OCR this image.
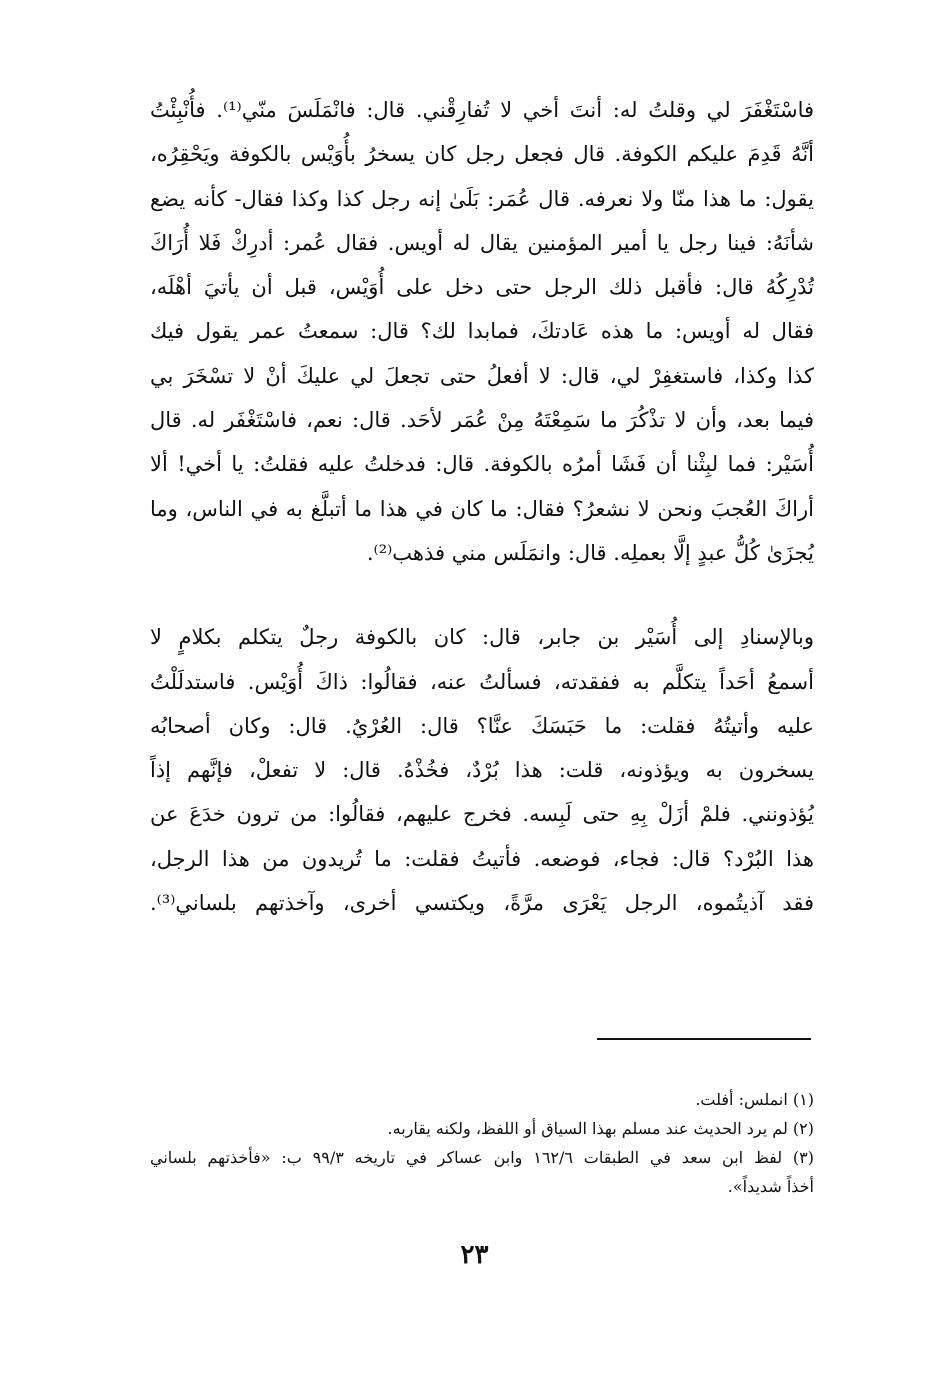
فاسْتَغْفَرَ لي وقلتُ له: أنتَ أخي لا تُفارِقْني. قال: فانْمَلَسَ منّي⁽¹⁾. فأُنْبِئْتُ
أنَّهُ قَدِمَ عليكم الكوفة. قال فجعل رجل كان يسخرُ بأُوَيْس بالكوفة ويَحْقِرُه،
يقول: ما هذا منّا ولا نعرفه. قال عُمَر: بَلَىٰ إنه رجل كذا وكذا فقال- كأنه يضع
شأنَهُ: فينا رجل يا أمير المؤمنين يقال له أويس. فقال عُمر: أدرِكْ فَلا أُرَاكَ
تُدْرِكُهُ قال: فأقبل ذلك الرجل حتى دخل على أُوَيْس، قبل أن يأتيَ أهْلَه،
فقال له أويس: ما هذه عَادتكَ، فمابدا لك؟ قال: سمعتُ عمر يقول فيك
كذا وكذا، فاستغفِرْ لي، قال: لا أفعلُ حتى تجعلَ لي عليكَ أنْ لا تسْخَرَ بي
فيما بعد، وأن لا تذْكُرَ ما سَمِعْتَهُ مِنْ عُمَر لأحَد. قال: نعم، فاسْتَغْفَر له. قال
أُسَيْر: فما لبِثْنا أن فَشَا أمرُه بالكوفة. قال: فدخلتُ عليه فقلتُ: يا أخي! ألا
أراكَ العُجبَ ونحن لا نشعرُ؟ فقال: ما كان في هذا ما أتبلَّغ به في الناس، وما
يُجزَىٰ كُلُّ عبدٍ إلَّا بعملِه. قال: وانمَلَس مني فذهب⁽²⁾.
وبالإسنادِ إلى أُسَيْر بن جابر، قال: كان بالكوفة رجلٌ يتكلم بكلامٍ لا
أسمعُ أحَداً يتكلَّم به ففقدته، فسألتُ عنه، فقالُوا: ذاكَ أُوَيْس. فاستدلَلْتُ
عليه وأتيتُهُ فقلت: ما حَبَسَكَ عنَّا؟ قال: العُرْيُ. قال: وكان أصحابُه
يسخرون به ويؤذونه، قلت: هذا بُرْدٌ، فخُذْهُ. قال: لا تفعلْ، فإنَّهم إذاً
يُؤذونني. فلمْ أزَلْ بِهِ حتى لَبِسه. فخرج عليهم، فقالُوا: من ترون خدَعَ عن
هذا البُرْد؟ قال: فجاء، فوضعه. فأتيتُ فقلت: ما تُريدون من هذا الرجل،
فقد آذيتُموه، الرجل يَعْرَى مرَّةً، ويكتسي أخرى، وآخذتهم بلساني⁽³⁾.
(١) انملس: أفلت.
(٢) لم يرد الحديث عند مسلم بهذا السياق أو اللفظ، ولكنه يقاربه.
(٣) لفظ ابن سعد في الطبقات ١٦٢/٦ وابن عساكر في تاريخه ٩٩/٣ ب: «فأخذتهم بلساني
أخذاً شديداً».
٢٣
